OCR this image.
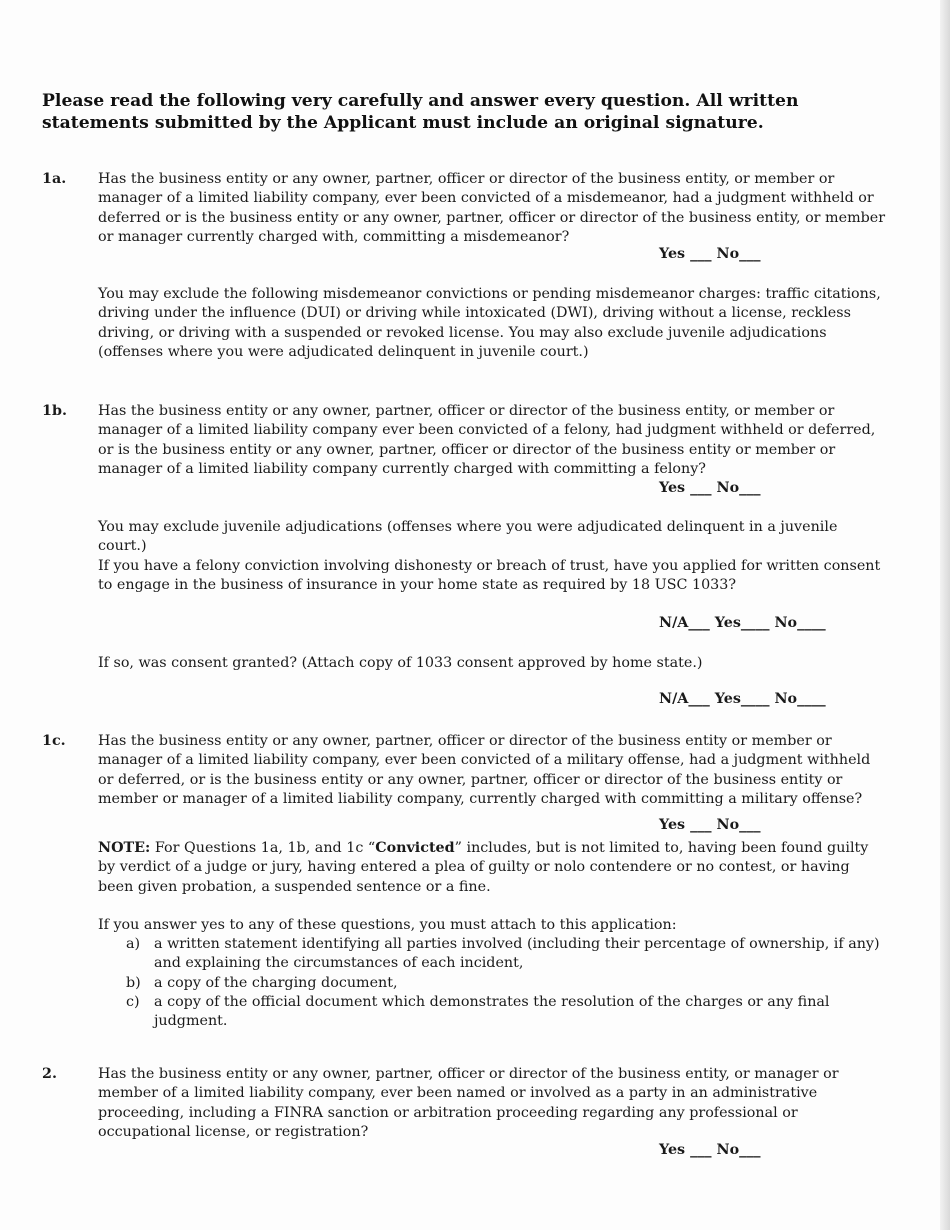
Please read the following very carefully and answer every question. All written statements submitted by the Applicant must include an original signature.
1a. Has the business entity or any owner, partner, officer or director of the business entity, or member or manager of a limited liability company, ever been convicted of a misdemeanor, had a judgment withheld or deferred or is the business entity or any owner, partner, officer or director of the business entity, or member or manager currently charged with, committing a misdemeanor?
Yes ___ No___

You may exclude the following misdemeanor convictions or pending misdemeanor charges: traffic citations, driving under the influence (DUI) or driving while intoxicated (DWI), driving without a license, reckless driving, or driving with a suspended or revoked license. You may also exclude juvenile adjudications (offenses where you were adjudicated delinquent in juvenile court.)

1b. Has the business entity or any owner, partner, officer or director of the business entity, or member or manager of a limited liability company ever been convicted of a felony, had judgment withheld or deferred, or is the business entity or any owner, partner, officer or director of the business entity or member or manager of a limited liability company currently charged with committing a felony?
Yes ___ No___

You may exclude juvenile adjudications (offenses where you were adjudicated delinquent in a juvenile court.)

If you have a felony conviction involving dishonesty or breach of trust, have you applied for written consent to engage in the business of insurance in your home state as required by 18 USC 1033?

N/A___ Yes____ No____

If so, was consent granted? (Attach copy of 1033 consent approved by home state.)

N/A___ Yes____ No____
1c. Has the business entity or any owner, partner, officer or director of the business entity or member or manager of a limited liability company, ever been convicted of a military offense, had a judgment withheld or deferred, or is the business entity or any owner, partner, officer or director of the business entity or member or manager of a limited liability company, currently charged with committing a military offense?
Yes ___ No___

NOTE: For Questions 1a, 1b, and 1c “Convicted” includes, but is not limited to, having been found guilty by verdict of a judge or jury, having entered a plea of guilty or nolo contendere or no contest, or having been given probation, a suspended sentence or a fine.

If you answer yes to any of these questions, you must attach to this application:

a) a written statement identifying all parties involved (including their percentage of ownership, if any) and explaining the circumstances of each incident,
b) a copy of the charging document,
c) a copy of the official document which demonstrates the resolution of the charges or any final judgment.
2.	Has the business entity or any owner, partner, officer or director of the business entity, or manager or member of a limited liability company, ever been named or involved as a party in an administrative proceeding, including a FINRA sanction or arbitration proceeding regarding any professional or occupational license, or registration?
Yes ___ No___
